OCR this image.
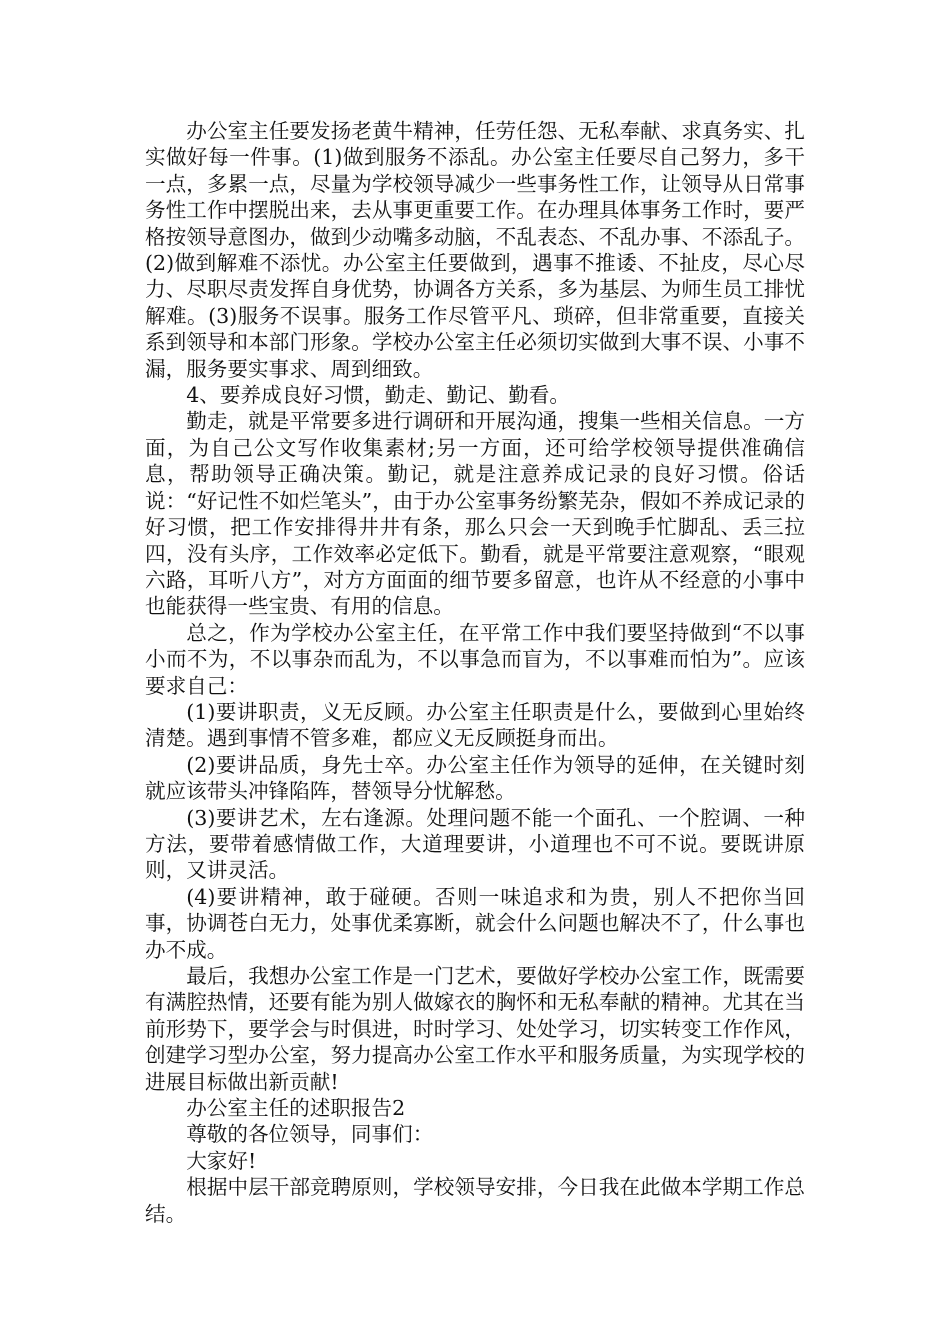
办公室主任要发扬老黄牛精神，任劳任怨、无私奉献、求真务实、扎实做好每一件事。(1)做到服务不添乱。办公室主任要尽自己努力，多干一点，多累一点，尽量为学校领导减少一些事务性工作，让领导从日常事务性工作中摆脱出来，去从事更重要工作。在办理具体事务工作时，要严格按领导意图办，做到少动嘴多动脑，不乱表态、不乱办事、不添乱子。(2)做到解难不添忧。办公室主任要做到，遇事不推诿、不扯皮，尽心尽力、尽职尽责发挥自身优势，协调各方关系，多为基层、为师生员工排忧解难。(3)服务不误事。服务工作尽管平凡、琐碎，但非常重要，直接关系到领导和本部门形象。学校办公室主任必须切实做到大事不误、小事不漏，服务要实事求、周到细致。

4、要养成良好习惯，勤走、勤记、勤看。

勤走，就是平常要多进行调研和开展沟通，搜集一些相关信息。一方面，为自己公文写作收集素材;另一方面，还可给学校领导提供准确信息，帮助领导正确决策。勤记，就是注意养成记录的良好习惯。俗话说：“好记性不如烂笔头”，由于办公室事务纷繁芜杂，假如不养成记录的好习惯，把工作安排得井井有条，那么只会一天到晚手忙脚乱、丢三拉四，没有头序，工作效率必定低下。勤看，就是平常要注意观察，“眼观六路，耳听八方”，对方方面面的细节要多留意，也许从不经意的小事中也能获得一些宝贵、有用的信息。

总之，作为学校办公室主任，在平常工作中我们要坚持做到“不以事小而不为，不以事杂而乱为，不以事急而盲为，不以事难而怕为”。应该要求自己：

(1)要讲职责，义无反顾。办公室主任职责是什么，要做到心里始终清楚。遇到事情不管多难，都应义无反顾挺身而出。

(2)要讲品质，身先士卒。办公室主任作为领导的延伸，在关键时刻就应该带头冲锋陷阵，替领导分忧解愁。

(3)要讲艺术，左右逢源。处理问题不能一个面孔、一个腔调、一种方法，要带着感情做工作，大道理要讲，小道理也不可不说。要既讲原则，又讲灵活。

(4)要讲精神，敢于碰硬。否则一味追求和为贵，别人不把你当回事，协调苍白无力，处事优柔寡断，就会什么问题也解决不了，什么事也办不成。

最后，我想办公室工作是一门艺术，要做好学校办公室工作，既需要有满腔热情，还要有能为别人做嫁衣的胸怀和无私奉献的精神。尤其在当前形势下，要学会与时俱进，时时学习、处处学习，切实转变工作作风，创建学习型办公室，努力提高办公室工作水平和服务质量，为实现学校的进展目标做出新贡献!

办公室主任的述职报告2

尊敬的各位领导，同事们：

大家好!

根据中层干部竞聘原则，学校领导安排，今日我在此做本学期工作总结。
